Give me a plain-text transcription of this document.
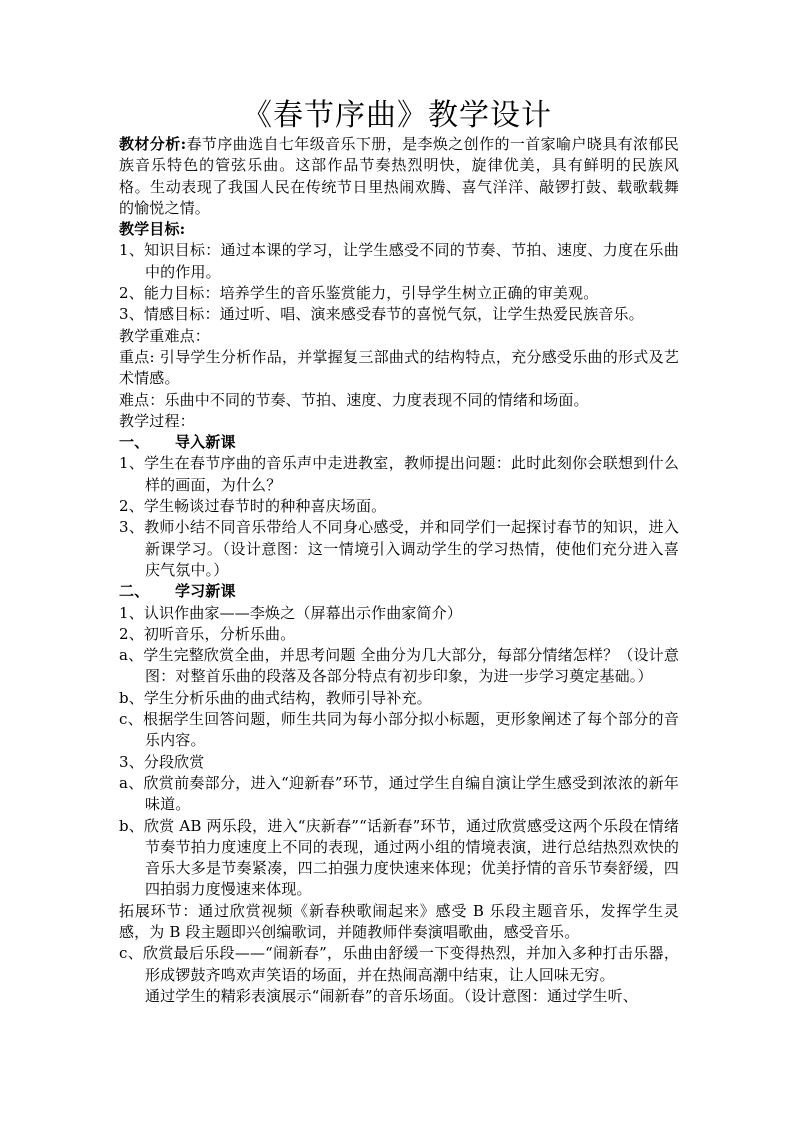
《春节序曲》教学设计

教材分析:春节序曲选自七年级音乐下册，是李焕之创作的一首家喻户晓具有浓郁民族音乐特色的管弦乐曲。这部作品节奏热烈明快，旋律优美，具有鲜明的民族风格。生动表现了我国人民在传统节日里热闹欢腾、喜气洋洋、敲锣打鼓、载歌载舞的愉悦之情。

教学目标:

1、知识目标：通过本课的学习，让学生感受不同的节奏、节拍、速度、力度在乐曲中的作用。

2、能力目标：培养学生的音乐鉴赏能力，引导学生树立正确的审美观。

3、情感目标：通过听、唱、演来感受春节的喜悦气氛，让学生热爱民族音乐。

教学重难点：

重点: 引导学生分析作品，并掌握复三部曲式的结构特点，充分感受乐曲的形式及艺术情感。

难点：乐曲中不同的节奏、节拍、速度、力度表现不同的情绪和场面。

教学过程：

一、 导入新课

1、学生在春节序曲的音乐声中走进教室，教师提出问题：此时此刻你会联想到什么样的画面，为什么？

2、学生畅谈过春节时的种种喜庆场面。

3、教师小结不同音乐带给人不同身心感受，并和同学们一起探讨春节的知识，进入新课学习。（设计意图：这一情境引入调动学生的学习热情，使他们充分进入喜庆气氛中。）

二、 学习新课

1、认识作曲家——李焕之（屏幕出示作曲家简介）

2、初听音乐，分析乐曲。

a、学生完整欣赏全曲，并思考问题 全曲分为几大部分，每部分情绪怎样？（设计意图：对整首乐曲的段落及各部分特点有初步印象，为进一步学习奠定基础。）

b、学生分析乐曲的曲式结构，教师引导补充。

c、根据学生回答问题，师生共同为每小部分拟小标题，更形象阐述了每个部分的音乐内容。

3、分段欣赏

a、欣赏前奏部分，进入“迎新春”环节，通过学生自编自演让学生感受到浓浓的新年味道。

b、欣赏 AB 两乐段，进入“庆新春”“话新春”环节，通过欣赏感受这两个乐段在情绪节奏节拍力度速度上不同的表现，通过两小组的情境表演，进行总结热烈欢快的音乐大多是节奏紧凑，四二拍强力度快速来体现；优美抒情的音乐节奏舒缓，四四拍弱力度慢速来体现。

拓展环节：通过欣赏视频《新春秧歌闹起来》感受 B 乐段主题音乐，发挥学生灵感，为 B 段主题即兴创编歌词，并随教师伴奏演唱歌曲，感受音乐。

c、欣赏最后乐段——“闹新春”，乐曲由舒缓一下变得热烈，并加入多种打击乐器，形成锣鼓齐鸣欢声笑语的场面，并在热闹高潮中结束，让人回味无穷。

通过学生的精彩表演展示“闹新春”的音乐场面。（设计意图：通过学生听、
